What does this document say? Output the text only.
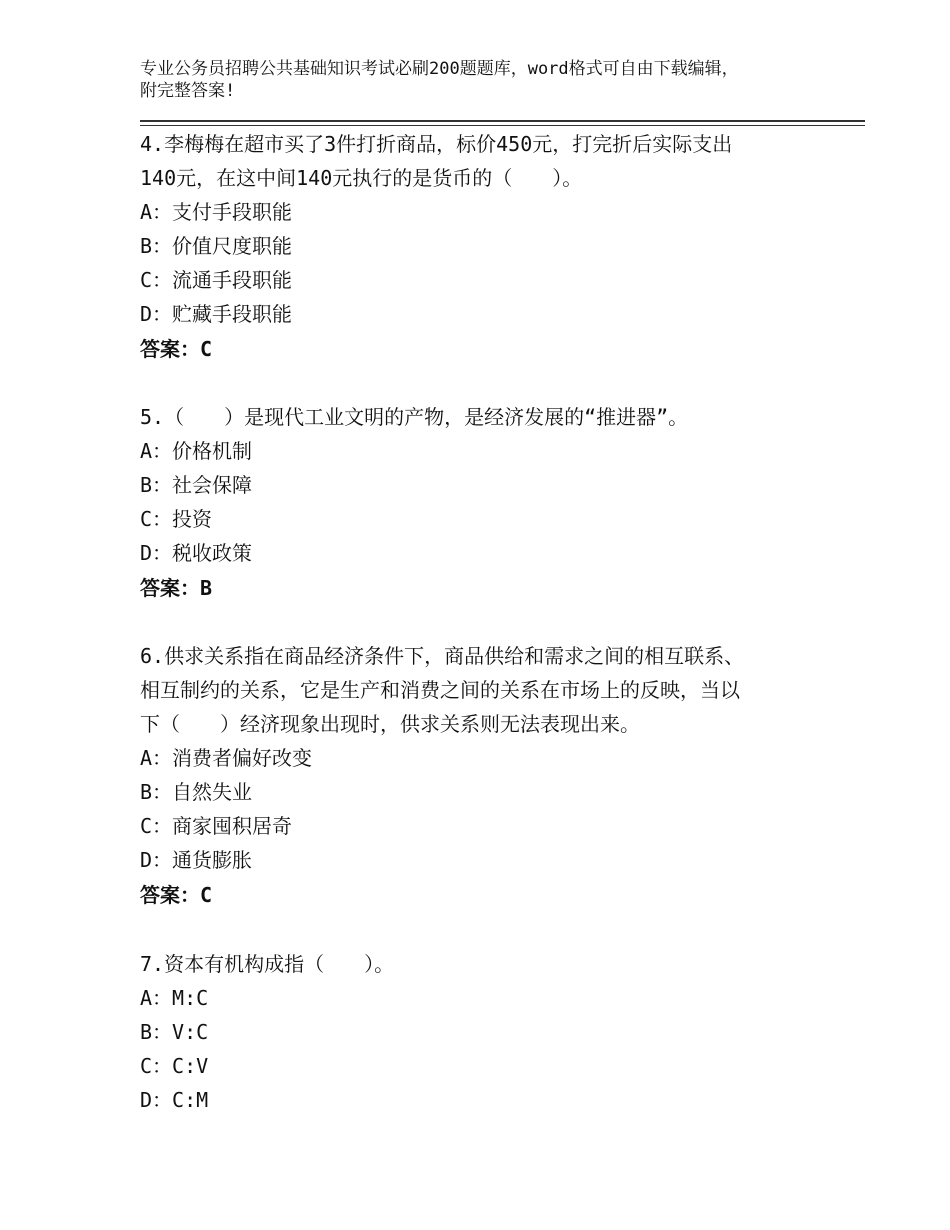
专业公务员招聘公共基础知识考试必刷200题题库，word格式可自由下载编辑，
附完整答案!
4.李梅梅在超市买了3件打折商品，标价450元，打完折后实际支出
140元，在这中间140元执行的是货币的（　　）。
A：支付手段职能
B：价值尺度职能
C：流通手段职能
D：贮藏手段职能
答案：C
5.（　　）是现代工业文明的产物，是经济发展的“推进器”。
A：价格机制
B：社会保障
C：投资
D：税收政策
答案：B
6.供求关系指在商品经济条件下，商品供给和需求之间的相互联系、
相互制约的关系，它是生产和消费之间的关系在市场上的反映，当以
下（　　）经济现象出现时，供求关系则无法表现出来。
A：消费者偏好改变
B：自然失业
C：商家囤积居奇
D：通货膨胀
答案：C
7.资本有机构成指（　　）。
A：M:C
B：V:C
C：C:V
D：C:M
